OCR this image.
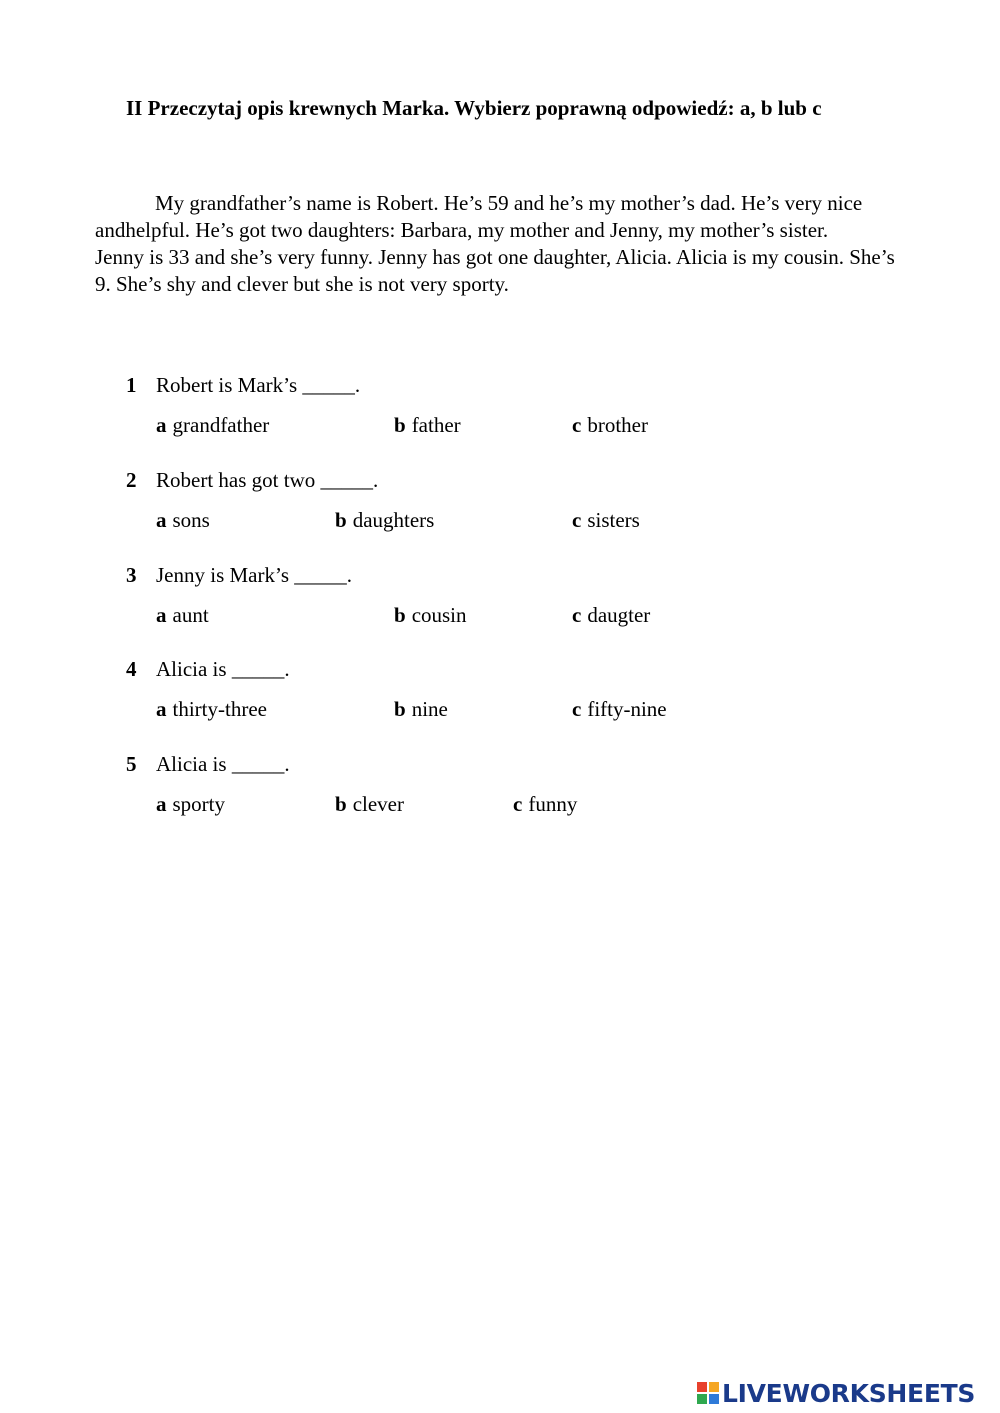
II Przeczytaj opis krewnych Marka. Wybierz poprawną odpowiedź: a, b lub c

My grandfather’s name is Robert. He’s 59 and he’s my mother’s dad. He’s very nice andhelpful. He’s got two daughters: Barbara, my mother and Jenny, my mother’s sister.

Jenny is 33 and she’s very funny. Jenny has got one daughter, Alicia. Alicia is my cousin. She’s 9. She’s shy and clever but she is not very sporty.

1 Robert is Mark’s _____.
a grandfather	b father	c brother
2 Robert has got two _____.
a sons	b daughters	c sisters
3 Jenny is Mark’s _____.
a aunt	b cousin	c daugter
4 Alicia is _____.
a thirty-three	b nine	c fifty-nine
5 Alicia is _____.
a sporty	b clever	c funny
LIVEWORKSHEETS
